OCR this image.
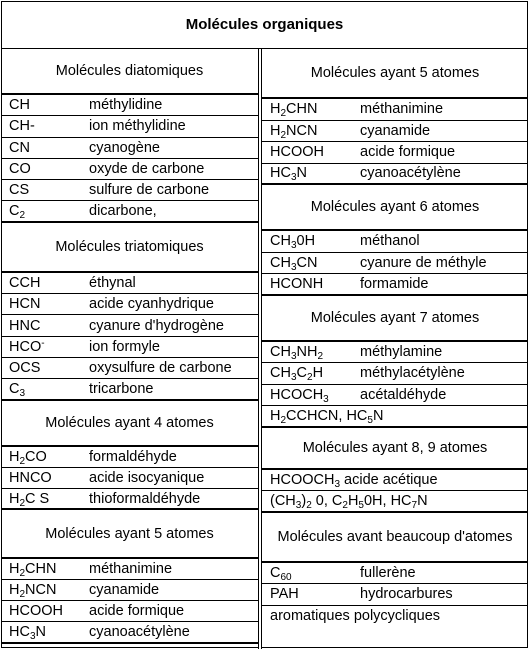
Molécules organiques
Molécules diatomiques
CH	méthylidine
CH-	ion méthylidine
CN	cyanogène
CO	oxyde de carbone
CS	sulfure de carbone
$C_2$	dicarbone,
Molécules triatomiques
CCH	éthynal
HCN	acide cyanhydrique
HNC	cyanure d'hydrogène
HCO-	ion formyle
OCS	oxysulfure de carbone
$C_3$	tricarbone
Molécules ayant 4 atomes
$H_2CO$	formaldéhyde
HNCO	acide isocyanique
$H_2C$ S	thioformaldéhyde
Molécules ayant 5 atomes
$H_2CHN$ méthanimine
$H_2NCN$ cyanamide
HCOOH acide formique
$HC_3N$	cyanoacétylène
Molécules ayant 5 atomes
$H_2CHN$	méthanimine
$H_2NCN$	cyanamide
HCOOH acide formique
$HC_3N$	cyanoacétylène
Molécules ayant 6 atomes
$CH_30H$	méthanol
$CH_3CN$	cyanure de méthyle
HCONH	formamide
Molécules ayant 7 atomes
$CH_3NH_2$	méthylamine
$CH_3C_2H$	méthylacétylène
$HCOCH_3$ acétaldéhyde
$H_2CCHCN$, $HC_5N$
Molécules ayant 8, 9 atomes
$HCOOCH_3$ acide acétique
$(CH_3)_2$ 0, $C_2H_50H$, $HC_7N$
Molécules avant beaucoup d'atomes
$C_{60}$	fullerène
PAH	hydrocarbures
aromatiques polycycliques
